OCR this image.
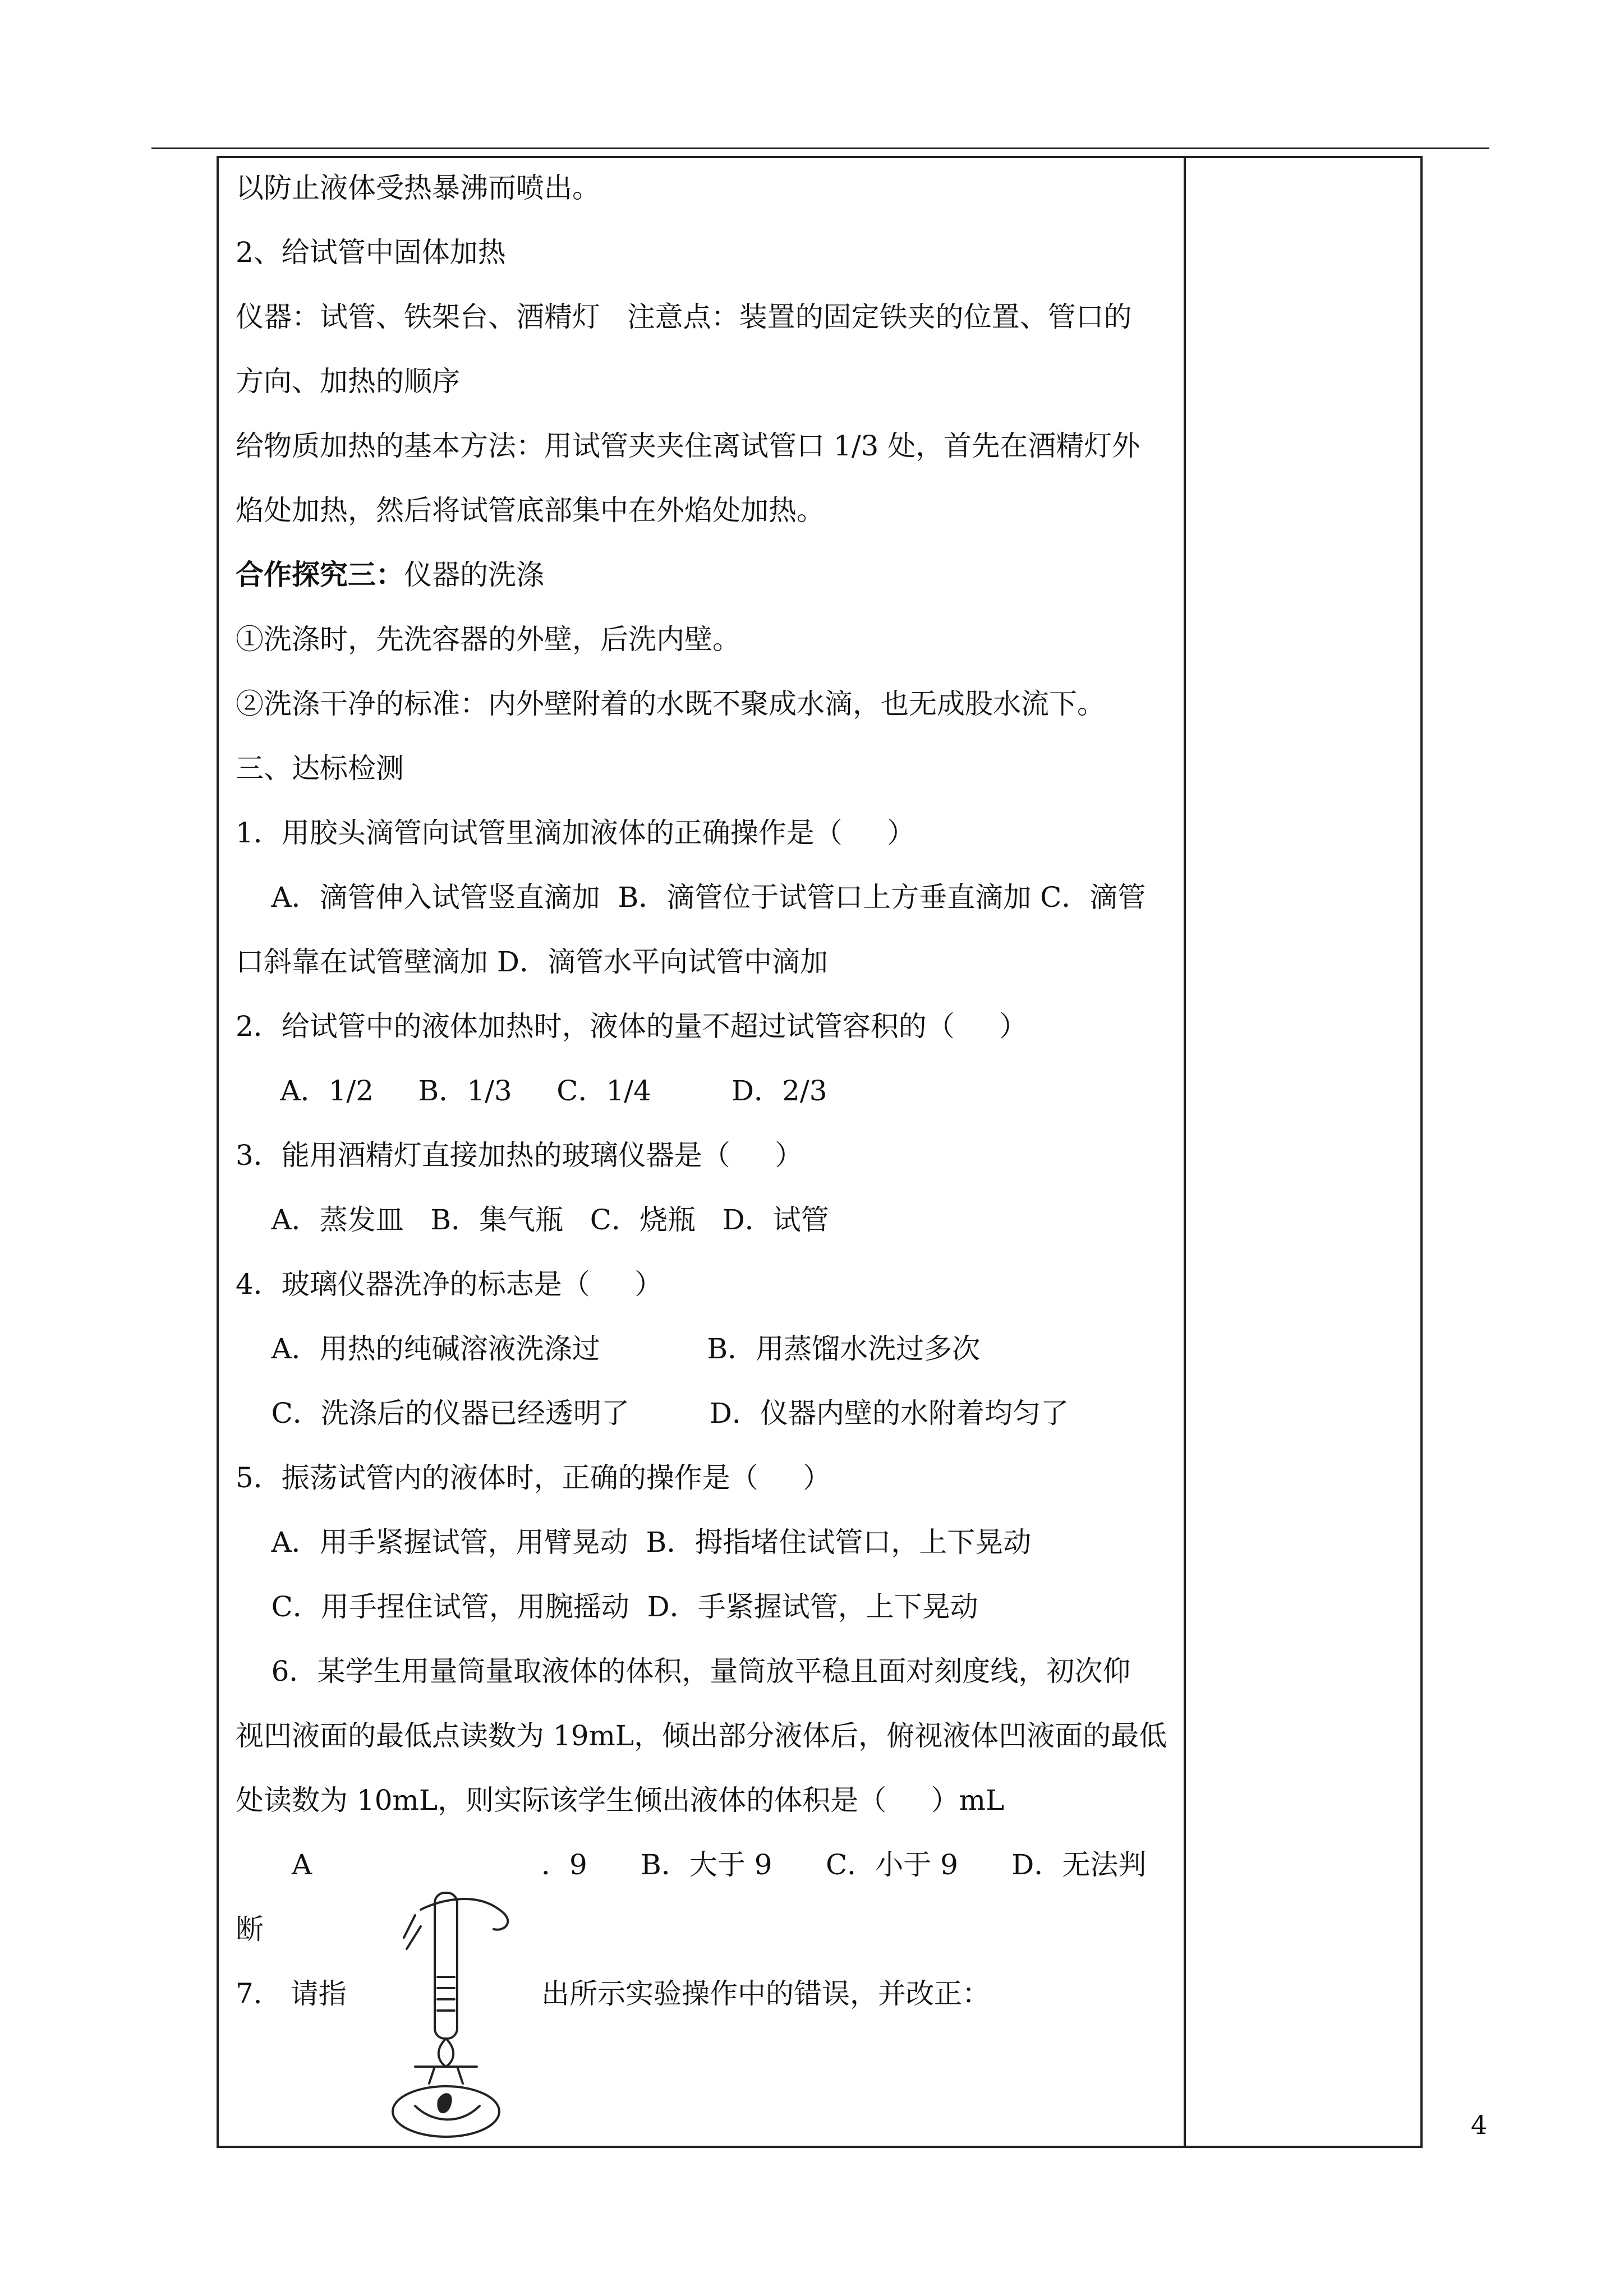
以防止液体受热暴沸而喷出。
2、给试管中固体加热
仪器：试管、铁架台、酒精灯   注意点：装置的固定铁夹的位置、管口的
方向、加热的顺序
给物质加热的基本方法：用试管夹夹住离试管口 1/3 处，首先在酒精灯外
焰处加热，然后将试管底部集中在外焰处加热。
合作探究三：仪器的洗涤
①洗涤时，先洗容器的外壁，后洗内壁。
②洗涤干净的标准：内外壁附着的水既不聚成水滴，也无成股水流下。
三、达标检测
1．用胶头滴管向试管里滴加液体的正确操作是（     ）
A．滴管伸入试管竖直滴加  B．滴管位于试管口上方垂直滴加 C．滴管
口斜靠在试管壁滴加 D．滴管水平向试管中滴加
2．给试管中的液体加热时，液体的量不超过试管容积的（     ）
A．1/2     B．1/3     C．1/4         D．2/3
3．能用酒精灯直接加热的玻璃仪器是（     ）
A．蒸发皿   B．集气瓶   C．烧瓶   D．试管
4．玻璃仪器洗净的标志是（     ）
A．用热的纯碱溶液洗涤过            B．用蒸馏水洗过多次
C．洗涤后的仪器已经透明了         D．仪器内壁的水附着均匀了
5．振荡试管内的液体时，正确的操作是（     ）
A．用手紧握试管，用臂晃动  B．拇指堵住试管口，上下晃动
C．用手捏住试管，用腕摇动  D．手紧握试管，上下晃动
6．某学生用量筒量取液体的体积，量筒放平稳且面对刻度线，初次仰
视凹液面的最低点读数为 19mL，倾出部分液体后，俯视液体凹液面的最低
处读数为 10mL，则实际该学生倾出液体的体积是（     ）mL
A	．9      B．大于 9      C．小于 9      D．无法判
断
7． 请指	出所示实验操作中的错误，并改正：
4
